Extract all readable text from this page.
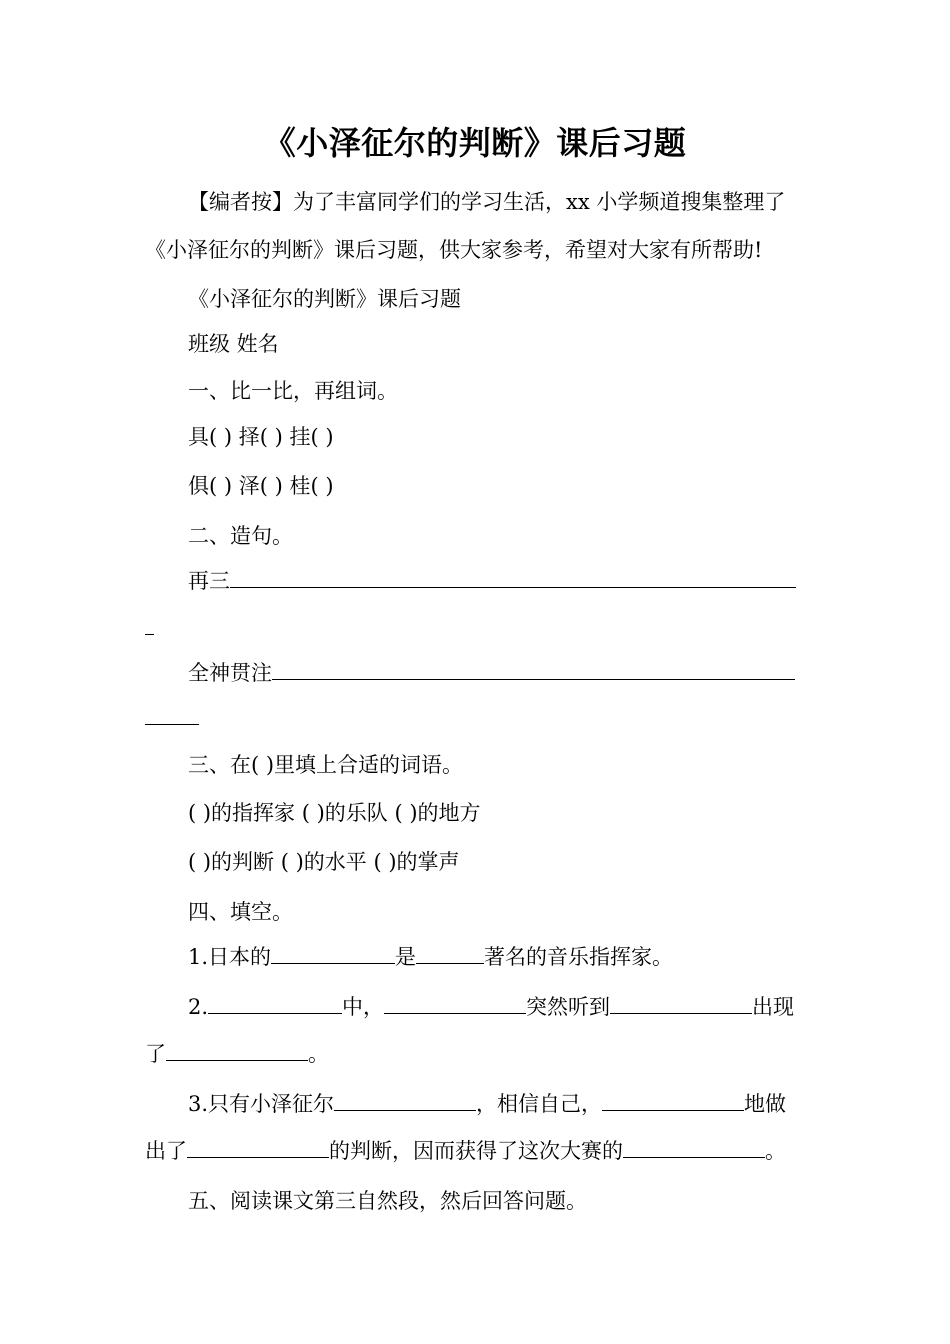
《小泽征尔的判断》课后习题
【编者按】为了丰富同学们的学习生活，xx 小学频道搜集整理了
《小泽征尔的判断》课后习题，供大家参考，希望对大家有所帮助!
《小泽征尔的判断》课后习题
班级 姓名
一、比一比，再组词。
具( ) 择( ) 挂( )
俱( ) 泽( ) 桂( )
二、造句。
再三
全神贯注
三、在( )里填上合适的词语。
( )的指挥家 ( )的乐队 ( )的地方
( )的判断 ( )的水平 ( )的掌声
四、填空。
1.日本的	是	著名的音乐指挥家。
2.	中，	突然听到	出现
了	。
3.只有小泽征尔	，相信自己，	地做
出了	的判断，因而获得了这次大赛的	。
五、阅读课文第三自然段，然后回答问题。
